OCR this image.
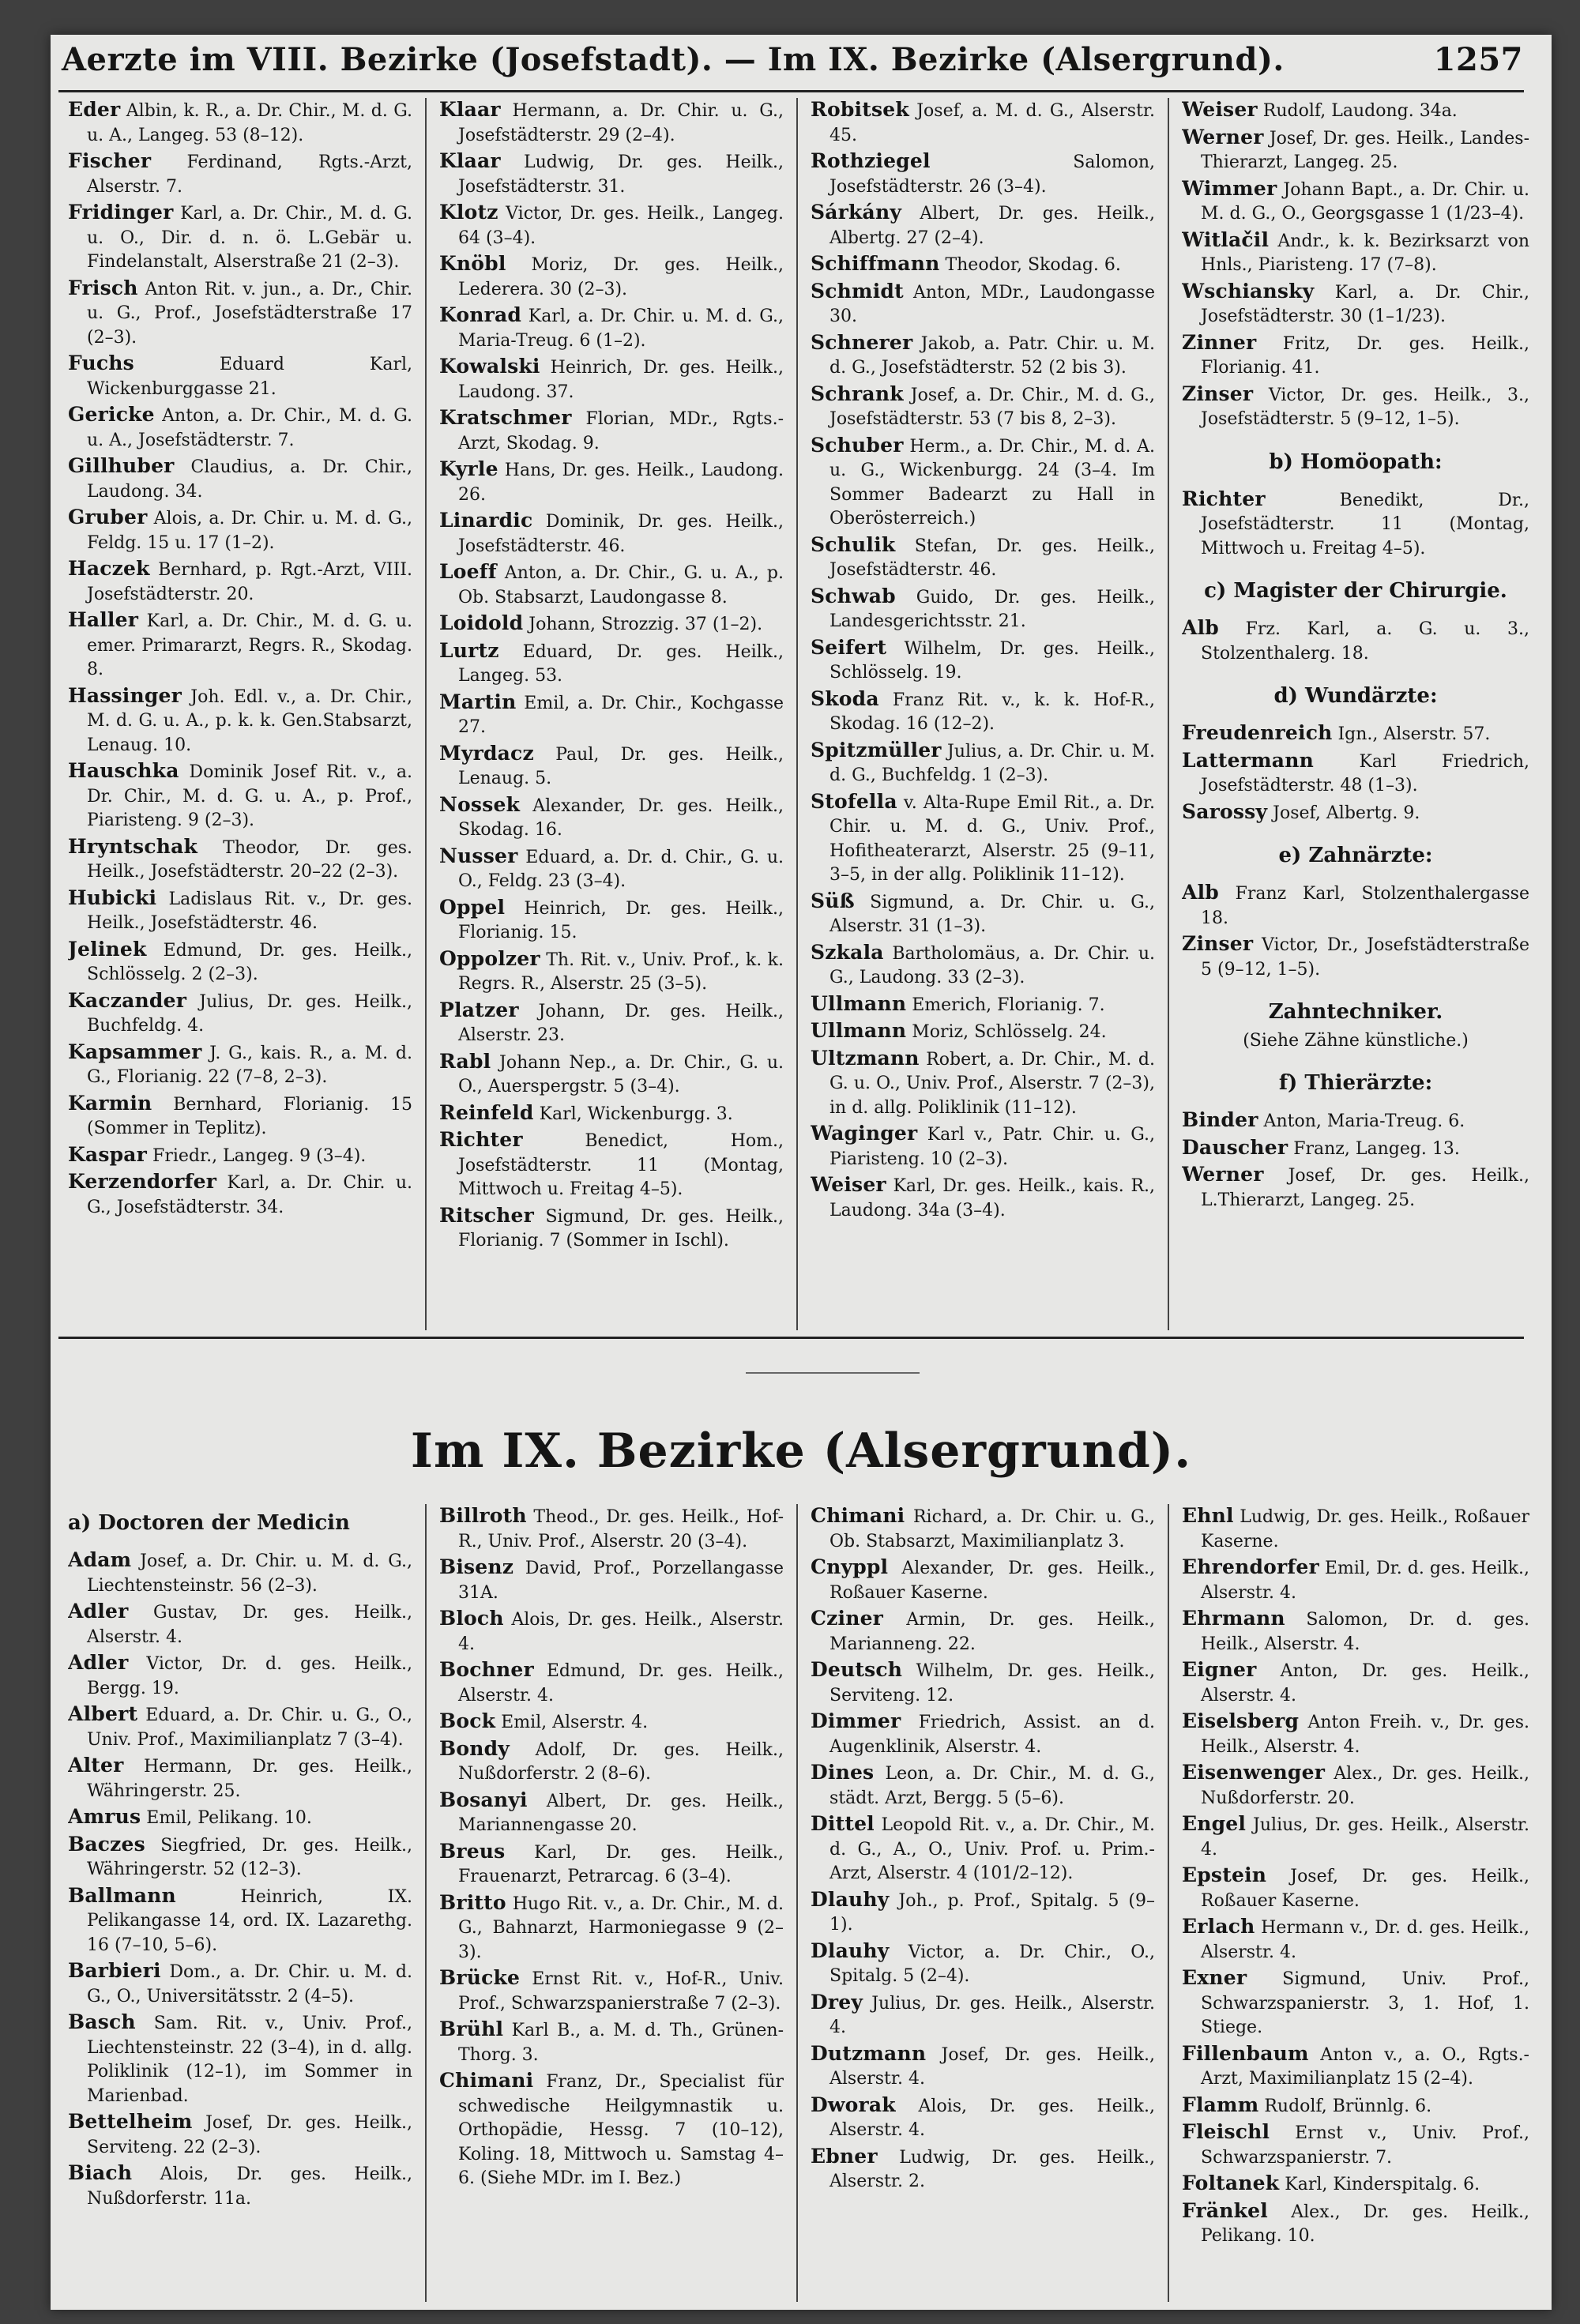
Aerzte im VIII. Bezirke (Josefstadt). — Im IX. Bezirke (Alsergrund).	1257
Eder Albin, k. R., a. Dr. Chir., M. d. G. u. A., Langeg. 53 (8–12).
Fischer Ferdinand, Rgts.-Arzt, Alserstr. 7.
Fridinger Karl, a. Dr. Chir., M. d. G. u. O., Dir. d. n. ö. L.Gebär u. Findelanstalt, Alserstraße 21 (2–3).
Frisch Anton Rit. v. jun., a. Dr., Chir. u. G., Prof., Josefstädterstraße 17 (2–3).
Fuchs Eduard Karl, Wickenburggasse 21.
Gericke Anton, a. Dr. Chir., M. d. G. u. A., Josefstädterstr. 7.
Gillhuber Claudius, a. Dr. Chir., Laudong. 34.
Gruber Alois, a. Dr. Chir. u. M. d. G., Feldg. 15 u. 17 (1–2).
Haczek Bernhard, p. Rgt.-Arzt, VIII. Josefstädterstr. 20.
Haller Karl, a. Dr. Chir., M. d. G. u. emer. Primararzt, Regrs. R., Skodag. 8.
Hassinger Joh. Edl. v., a. Dr. Chir., M. d. G. u. A., p. k. k. Gen.Stabsarzt, Lenaug. 10.
Hauschka Dominik Josef Rit. v., a. Dr. Chir., M. d. G. u. A., p. Prof., Piaristeng. 9 (2–3).
Hryntschak Theodor, Dr. ges. Heilk., Josefstädterstr. 20–22 (2–3).
Hubicki Ladislaus Rit. v., Dr. ges. Heilk., Josefstädterstr. 46.
Jelinek Edmund, Dr. ges. Heilk., Schlösselg. 2 (2–3).
Kaczander Julius, Dr. ges. Heilk., Buchfeldg. 4.
Kapsammer J. G., kais. R., a. M. d. G., Florianig. 22 (7–8, 2–3).
Karmin Bernhard, Florianig. 15 (Sommer in Teplitz).
Kaspar Friedr., Langeg. 9 (3–4).
Kerzendorfer Karl, a. Dr. Chir. u. G., Josefstädterstr. 34.
Klaar Hermann, a. Dr. Chir. u. G., Josefstädterstr. 29 (2–4).
Klaar Ludwig, Dr. ges. Heilk., Josefstädterstr. 31.
Klotz Victor, Dr. ges. Heilk., Langeg. 64 (3–4).
Knöbl Moriz, Dr. ges. Heilk., Lederera. 30 (2–3).
Konrad Karl, a. Dr. Chir. u. M. d. G., Maria-Treug. 6 (1–2).
Kowalski Heinrich, Dr. ges. Heilk., Laudong. 37.
Kratschmer Florian, MDr., Rgts.-Arzt, Skodag. 9.
Kyrle Hans, Dr. ges. Heilk., Laudong. 26.
Linardic Dominik, Dr. ges. Heilk., Josefstädterstr. 46.
Loeff Anton, a. Dr. Chir., G. u. A., p. Ob. Stabsarzt, Laudongasse 8.
Loidold Johann, Strozzig. 37 (1–2).
Lurtz Eduard, Dr. ges. Heilk., Langeg. 53.
Martin Emil, a. Dr. Chir., Kochgasse 27.
Myrdacz Paul, Dr. ges. Heilk., Lenaug. 5.
Nossek Alexander, Dr. ges. Heilk., Skodag. 16.
Nusser Eduard, a. Dr. d. Chir., G. u. O., Feldg. 23 (3–4).
Oppel Heinrich, Dr. ges. Heilk., Florianig. 15.
Oppolzer Th. Rit. v., Univ. Prof., k. k. Regrs. R., Alserstr. 25 (3–5).
Platzer Johann, Dr. ges. Heilk., Alserstr. 23.
Rabl Johann Nep., a. Dr. Chir., G. u. O., Auerspergstr. 5 (3–4).
Reinfeld Karl, Wickenburgg. 3.
Richter Benedict, Hom., Josefstädterstr. 11 (Montag, Mittwoch u. Freitag 4–5).
Ritscher Sigmund, Dr. ges. Heilk., Florianig. 7 (Sommer in Ischl).
Robitsek Josef, a. M. d. G., Alserstr. 45.
Rothziegel Salomon, Josefstädterstr. 26 (3–4).
Sárkány Albert, Dr. ges. Heilk., Albertg. 27 (2–4).
Schiffmann Theodor, Skodag. 6.
Schmidt Anton, MDr., Laudongasse 30.
Schnerer Jakob, a. Patr. Chir. u. M. d. G., Josefstädterstr. 52 (2 bis 3).
Schrank Josef, a. Dr. Chir., M. d. G., Josefstädterstr. 53 (7 bis 8, 2–3).
Schuber Herm., a. Dr. Chir., M. d. A. u. G., Wickenburgg. 24 (3–4. Im Sommer Badearzt zu Hall in Oberösterreich.)
Schulik Stefan, Dr. ges. Heilk., Josefstädterstr. 46.
Schwab Guido, Dr. ges. Heilk., Landesgerichtsstr. 21.
Seifert Wilhelm, Dr. ges. Heilk., Schlösselg. 19.
Skoda Franz Rit. v., k. k. Hof-R., Skodag. 16 (12–2).
Spitzmüller Julius, a. Dr. Chir. u. M. d. G., Buchfeldg. 1 (2–3).
Stofella v. Alta-Rupe Emil Rit., a. Dr. Chir. u. M. d. G., Univ. Prof., Hofitheaterarzt, Alserstr. 25 (9–11, 3–5, in der allg. Poliklinik 11–12).
Süß Sigmund, a. Dr. Chir. u. G., Alserstr. 31 (1–3).
Szkala Bartholomäus, a. Dr. Chir. u. G., Laudong. 33 (2–3).
Ullmann Emerich, Florianig. 7.
Ullmann Moriz, Schlösselg. 24.
Ultzmann Robert, a. Dr. Chir., M. d. G. u. O., Univ. Prof., Alserstr. 7 (2–3), in d. allg. Poliklinik (11–12).
Waginger Karl v., Patr. Chir. u. G., Piaristeng. 10 (2–3).
Weiser Karl, Dr. ges. Heilk., kais. R., Laudong. 34a (3–4).
Weiser Rudolf, Laudong. 34a.
Werner Josef, Dr. ges. Heilk., Landes-Thierarzt, Langeg. 25.
Wimmer Johann Bapt., a. Dr. Chir. u. M. d. G., O., Georgsgasse 1 (1/23–4).
Witlačil Andr., k. k. Bezirksarzt von Hnls., Piaristeng. 17 (7–8).
Wschiansky Karl, a. Dr. Chir., Josefstädterstr. 30 (1–1/23).
Zinner Fritz, Dr. ges. Heilk., Florianig. 41.
Zinser Victor, Dr. ges. Heilk., 3., Josefstädterstr. 5 (9–12, 1–5).
b) Homöopath:
Richter Benedikt, Dr., Josefstädterstr. 11 (Montag, Mittwoch u. Freitag 4–5).
c) Magister der Chirurgie.
Alb Frz. Karl, a. G. u. 3., Stolzenthalerg. 18.
d) Wundärzte:
Freudenreich Ign., Alserstr. 57.
Lattermann Karl Friedrich, Josefstädterstr. 48 (1–3).
Sarossy Josef, Albertg. 9.
e) Zahnärzte:
Alb Franz Karl, Stolzenthalergasse 18.
Zinser Victor, Dr., Josefstädterstraße 5 (9–12, 1–5).
Zahntechniker.
(Siehe Zähne künstliche.)
f) Thierärzte:
Binder Anton, Maria-Treug. 6.
Dauscher Franz, Langeg. 13.
Werner Josef, Dr. ges. Heilk., L.Thierarzt, Langeg. 25.
Im IX. Bezirke (Alsergrund).
a) Doctoren der Medicin
Adam Josef, a. Dr. Chir. u. M. d. G., Liechtensteinstr. 56 (2–3).
Adler Gustav, Dr. ges. Heilk., Alserstr. 4.
Adler Victor, Dr. d. ges. Heilk., Bergg. 19.
Albert Eduard, a. Dr. Chir. u. G., O., Univ. Prof., Maximilianplatz 7 (3–4).
Alter Hermann, Dr. ges. Heilk., Währingerstr. 25.
Amrus Emil, Pelikang. 10.
Baczes Siegfried, Dr. ges. Heilk., Währingerstr. 52 (12–3).
Ballmann Heinrich, IX. Pelikangasse 14, ord. IX. Lazarethg. 16 (7–10, 5–6).
Barbieri Dom., a. Dr. Chir. u. M. d. G., O., Universitätsstr. 2 (4–5).
Basch Sam. Rit. v., Univ. Prof., Liechtensteinstr. 22 (3–4), in d. allg. Poliklinik (12–1), im Sommer in Marienbad.
Bettelheim Josef, Dr. ges. Heilk., Serviteng. 22 (2–3).
Biach Alois, Dr. ges. Heilk., Nußdorferstr. 11a.
Billroth Theod., Dr. ges. Heilk., Hof-R., Univ. Prof., Alserstr. 20 (3–4).
Bisenz David, Prof., Porzellangasse 31A.
Bloch Alois, Dr. ges. Heilk., Alserstr. 4.
Bochner Edmund, Dr. ges. Heilk., Alserstr. 4.
Bock Emil, Alserstr. 4.
Bondy Adolf, Dr. ges. Heilk., Nußdorferstr. 2 (8–6).
Bosanyi Albert, Dr. ges. Heilk., Mariannengasse 20.
Breus Karl, Dr. ges. Heilk., Frauenarzt, Petrarcag. 6 (3–4).
Britto Hugo Rit. v., a. Dr. Chir., M. d. G., Bahnarzt, Harmoniegasse 9 (2–3).
Brücke Ernst Rit. v., Hof-R., Univ. Prof., Schwarzspanierstraße 7 (2–3).
Brühl Karl B., a. M. d. Th., Grünen-Thorg. 3.
Chimani Franz, Dr., Specialist für schwedische Heilgymnastik u. Orthopädie, Hessg. 7 (10–12), Koling. 18, Mittwoch u. Samstag 4–6. (Siehe MDr. im I. Bez.)
Chimani Richard, a. Dr. Chir. u. G., Ob. Stabsarzt, Maximilianplatz 3.
Cnyppl Alexander, Dr. ges. Heilk., Roßauer Kaserne.
Cziner Armin, Dr. ges. Heilk., Marianneng. 22.
Deutsch Wilhelm, Dr. ges. Heilk., Serviteng. 12.
Dimmer Friedrich, Assist. an d. Augenklinik, Alserstr. 4.
Dines Leon, a. Dr. Chir., M. d. G., städt. Arzt, Bergg. 5 (5–6).
Dittel Leopold Rit. v., a. Dr. Chir., M. d. G., A., O., Univ. Prof. u. Prim.-Arzt, Alserstr. 4 (101/2–12).
Dlauhy Joh., p. Prof., Spitalg. 5 (9–1).
Dlauhy Victor, a. Dr. Chir., O., Spitalg. 5 (2–4).
Drey Julius, Dr. ges. Heilk., Alserstr. 4.
Dutzmann Josef, Dr. ges. Heilk., Alserstr. 4.
Dworak Alois, Dr. ges. Heilk., Alserstr. 4.
Ebner Ludwig, Dr. ges. Heilk., Alserstr. 2.
Ehnl Ludwig, Dr. ges. Heilk., Roßauer Kaserne.
Ehrendorfer Emil, Dr. d. ges. Heilk., Alserstr. 4.
Ehrmann Salomon, Dr. d. ges. Heilk., Alserstr. 4.
Eigner Anton, Dr. ges. Heilk., Alserstr. 4.
Eiselsberg Anton Freih. v., Dr. ges. Heilk., Alserstr. 4.
Eisenwenger Alex., Dr. ges. Heilk., Nußdorferstr. 20.
Engel Julius, Dr. ges. Heilk., Alserstr. 4.
Epstein Josef, Dr. ges. Heilk., Roßauer Kaserne.
Erlach Hermann v., Dr. d. ges. Heilk., Alserstr. 4.
Exner Sigmund, Univ. Prof., Schwarzspanierstr. 3, 1. Hof, 1. Stiege.
Fillenbaum Anton v., a. O., Rgts.-Arzt, Maximilianplatz 15 (2–4).
Flamm Rudolf, Brünnlg. 6.
Fleischl Ernst v., Univ. Prof., Schwarzspanierstr. 7.
Foltanek Karl, Kinderspitalg. 6.
Fränkel Alex., Dr. ges. Heilk., Pelikang. 10.
